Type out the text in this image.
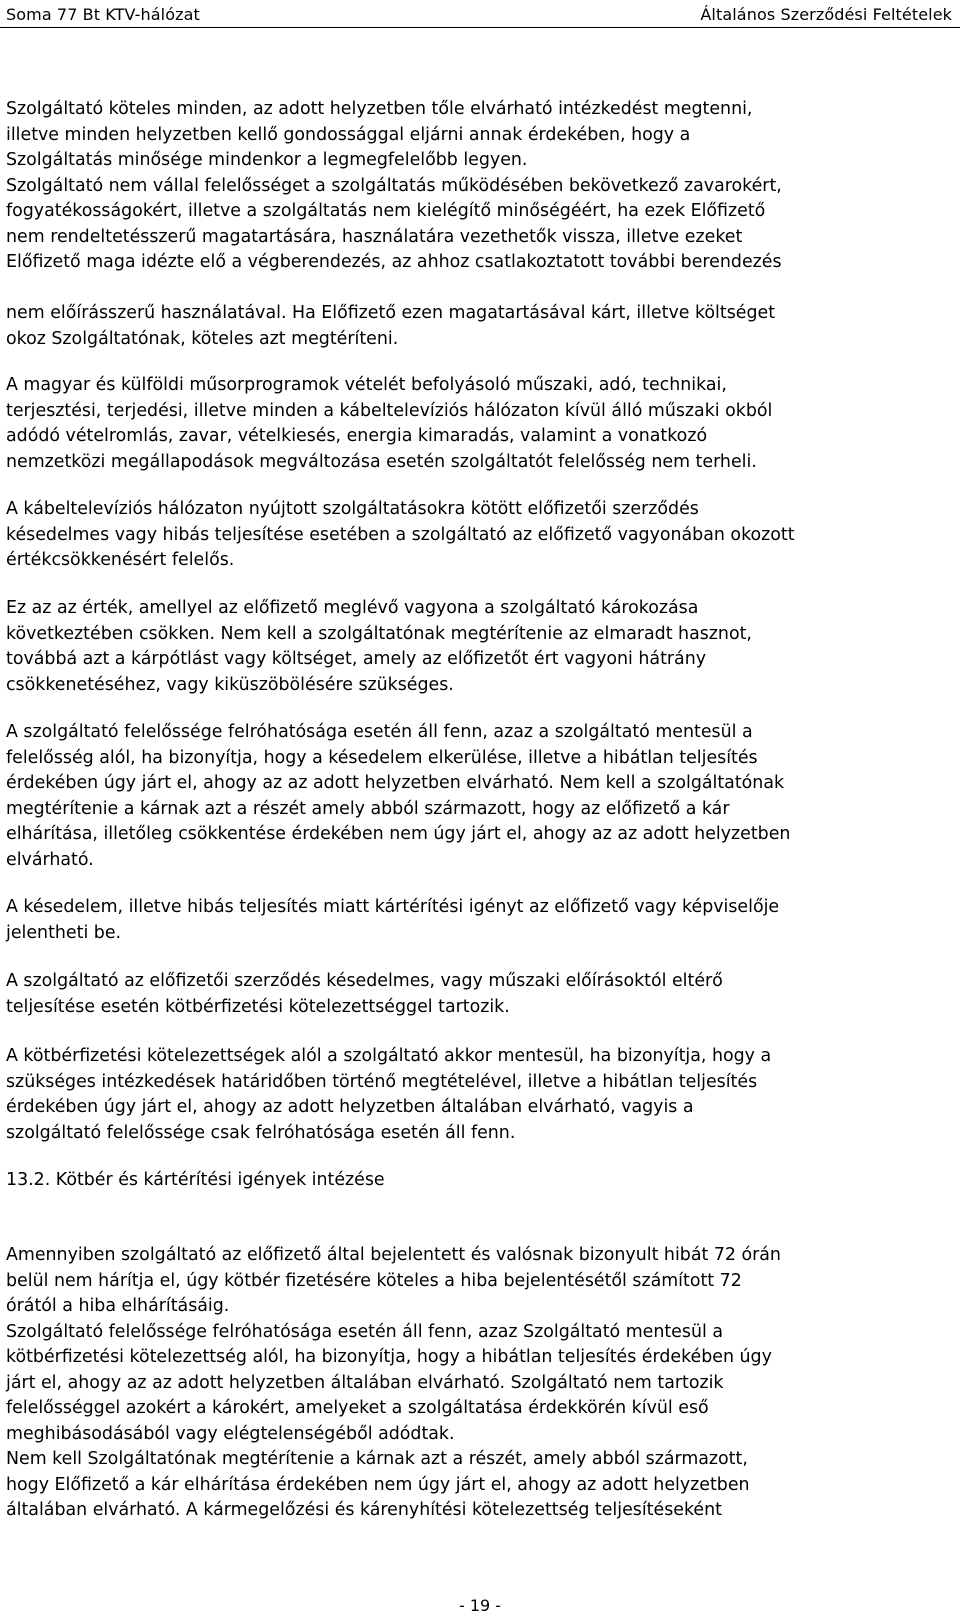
Soma 77 Bt KTV-hálózat	Általános Szerződési Feltételek
Szolgáltató köteles minden, az adott helyzetben tőle elvárható intézkedést megtenni,
illetve minden helyzetben kellő gondossággal eljárni annak érdekében, hogy a
Szolgáltatás minősége mindenkor a legmegfelelőbb legyen.
Szolgáltató nem vállal felelősséget a szolgáltatás működésében bekövetkező zavarokért,
fogyatékosságokért, illetve a szolgáltatás nem kielégítő minőségéért, ha ezek Előfizető
nem rendeltetésszerű magatartására, használatára vezethetők vissza, illetve ezeket
Előfizető maga idézte elő a végberendezés, az ahhoz csatlakoztatott további berendezés
nem előírásszerű használatával. Ha Előfizető ezen magatartásával kárt, illetve költséget
okoz Szolgáltatónak, köteles azt megtéríteni.
A magyar és külföldi műsorprogramok vételét befolyásoló műszaki, adó, technikai,
terjesztési, terjedési, illetve minden a kábeltelevíziós hálózaton kívül álló műszaki okból
adódó vételromlás, zavar, vételkiesés, energia kimaradás, valamint a vonatkozó
nemzetközi megállapodások megváltozása esetén szolgáltatót felelősség nem terheli.
A kábeltelevíziós hálózaton nyújtott szolgáltatásokra kötött előfizetői szerződés
késedelmes vagy hibás teljesítése esetében a szolgáltató az előfizető vagyonában okozott
értékcsökkenésért felelős.
Ez az az érték, amellyel az előfizető meglévő vagyona a szolgáltató károkozása
következtében csökken. Nem kell a szolgáltatónak megtérítenie az elmaradt hasznot,
továbbá azt a kárpótlást vagy költséget, amely az előfizetőt ért vagyoni hátrány
csökkenetéséhez, vagy kiküszöbölésére szükséges.
A szolgáltató felelőssége felróhatósága esetén áll fenn, azaz a szolgáltató mentesül a
felelősség alól, ha bizonyítja, hogy a késedelem elkerülése, illetve a hibátlan teljesítés
érdekében úgy járt el, ahogy az az adott helyzetben elvárható. Nem kell a szolgáltatónak
megtérítenie a kárnak azt a részét amely abból származott, hogy az előfizető a kár
elhárítása, illetőleg csökkentése érdekében nem úgy járt el, ahogy az az adott helyzetben
elvárható.
A késedelem, illetve hibás teljesítés miatt kártérítési igényt az előfizető vagy képviselője
jelentheti be.
A szolgáltató az előfizetői szerződés késedelmes, vagy műszaki előírásoktól eltérő
teljesítése esetén kötbérfizetési kötelezettséggel tartozik.
A kötbérfizetési kötelezettségek alól a szolgáltató akkor mentesül, ha bizonyítja, hogy a
szükséges intézkedések határidőben történő megtételével, illetve a hibátlan teljesítés
érdekében úgy járt el, ahogy az adott helyzetben általában elvárható, vagyis a
szolgáltató felelőssége csak felróhatósága esetén áll fenn.
13.2. Kötbér és kártérítési igények intézése
Amennyiben szolgáltató az előfizető által bejelentett és valósnak bizonyult hibát 72 órán
belül nem hárítja el, úgy kötbér fizetésére köteles a hiba bejelentésétől számított 72
órától a hiba elhárításáig.
Szolgáltató felelőssége felróhatósága esetén áll fenn, azaz Szolgáltató mentesül a
kötbérfizetési kötelezettség alól, ha bizonyítja, hogy a hibátlan teljesítés érdekében úgy
járt el, ahogy az az adott helyzetben általában elvárható. Szolgáltató nem tartozik
felelősséggel azokért a károkért, amelyeket a szolgáltatása érdekkörén kívül eső
meghibásodásából vagy elégtelenségéből adódtak.
Nem kell Szolgáltatónak megtérítenie a kárnak azt a részét, amely abból származott,
hogy Előfizető a kár elhárítása érdekében nem úgy járt el, ahogy az adott helyzetben
általában elvárható. A kármegelőzési és kárenyhítési kötelezettség teljesítéseként
- 19 -
